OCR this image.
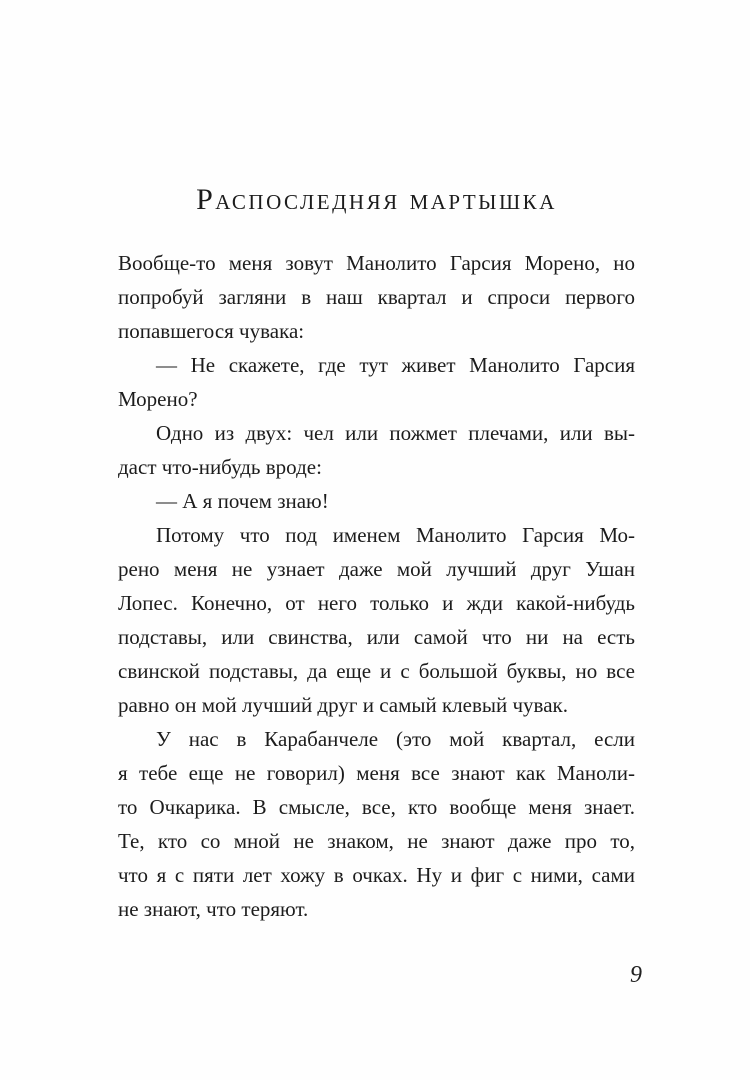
Распоследняя мартышка
Вообще-то меня зовут Манолито Гарсия Морено, но
попробуй загляни в наш квартал и спроси первого
попавшегося чувака:
— Не скажете, где тут живет Манолито Гарсия
Морено?
Одно из двух: чел или пожмет плечами, или вы-
даст что-нибудь вроде:
— А я почем знаю!
Потому что под именем Манолито Гарсия Мо-
рено меня не узнает даже мой лучший друг Ушан
Лопес. Конечно, от него только и жди какой-нибудь
подставы, или свинства, или самой что ни на есть
свинской подставы, да еще и с большой буквы, но все
равно он мой лучший друг и самый клевый чувак.
У нас в Карабанчеле (это мой квартал, если
я тебе еще не говорил) меня все знают как Маноли-
то Очкарика. В смысле, все, кто вообще меня знает.
Те, кто со мной не знаком, не знают даже про то,
что я с пяти лет хожу в очках. Ну и фиг с ними, сами
не знают, что теряют.
9
